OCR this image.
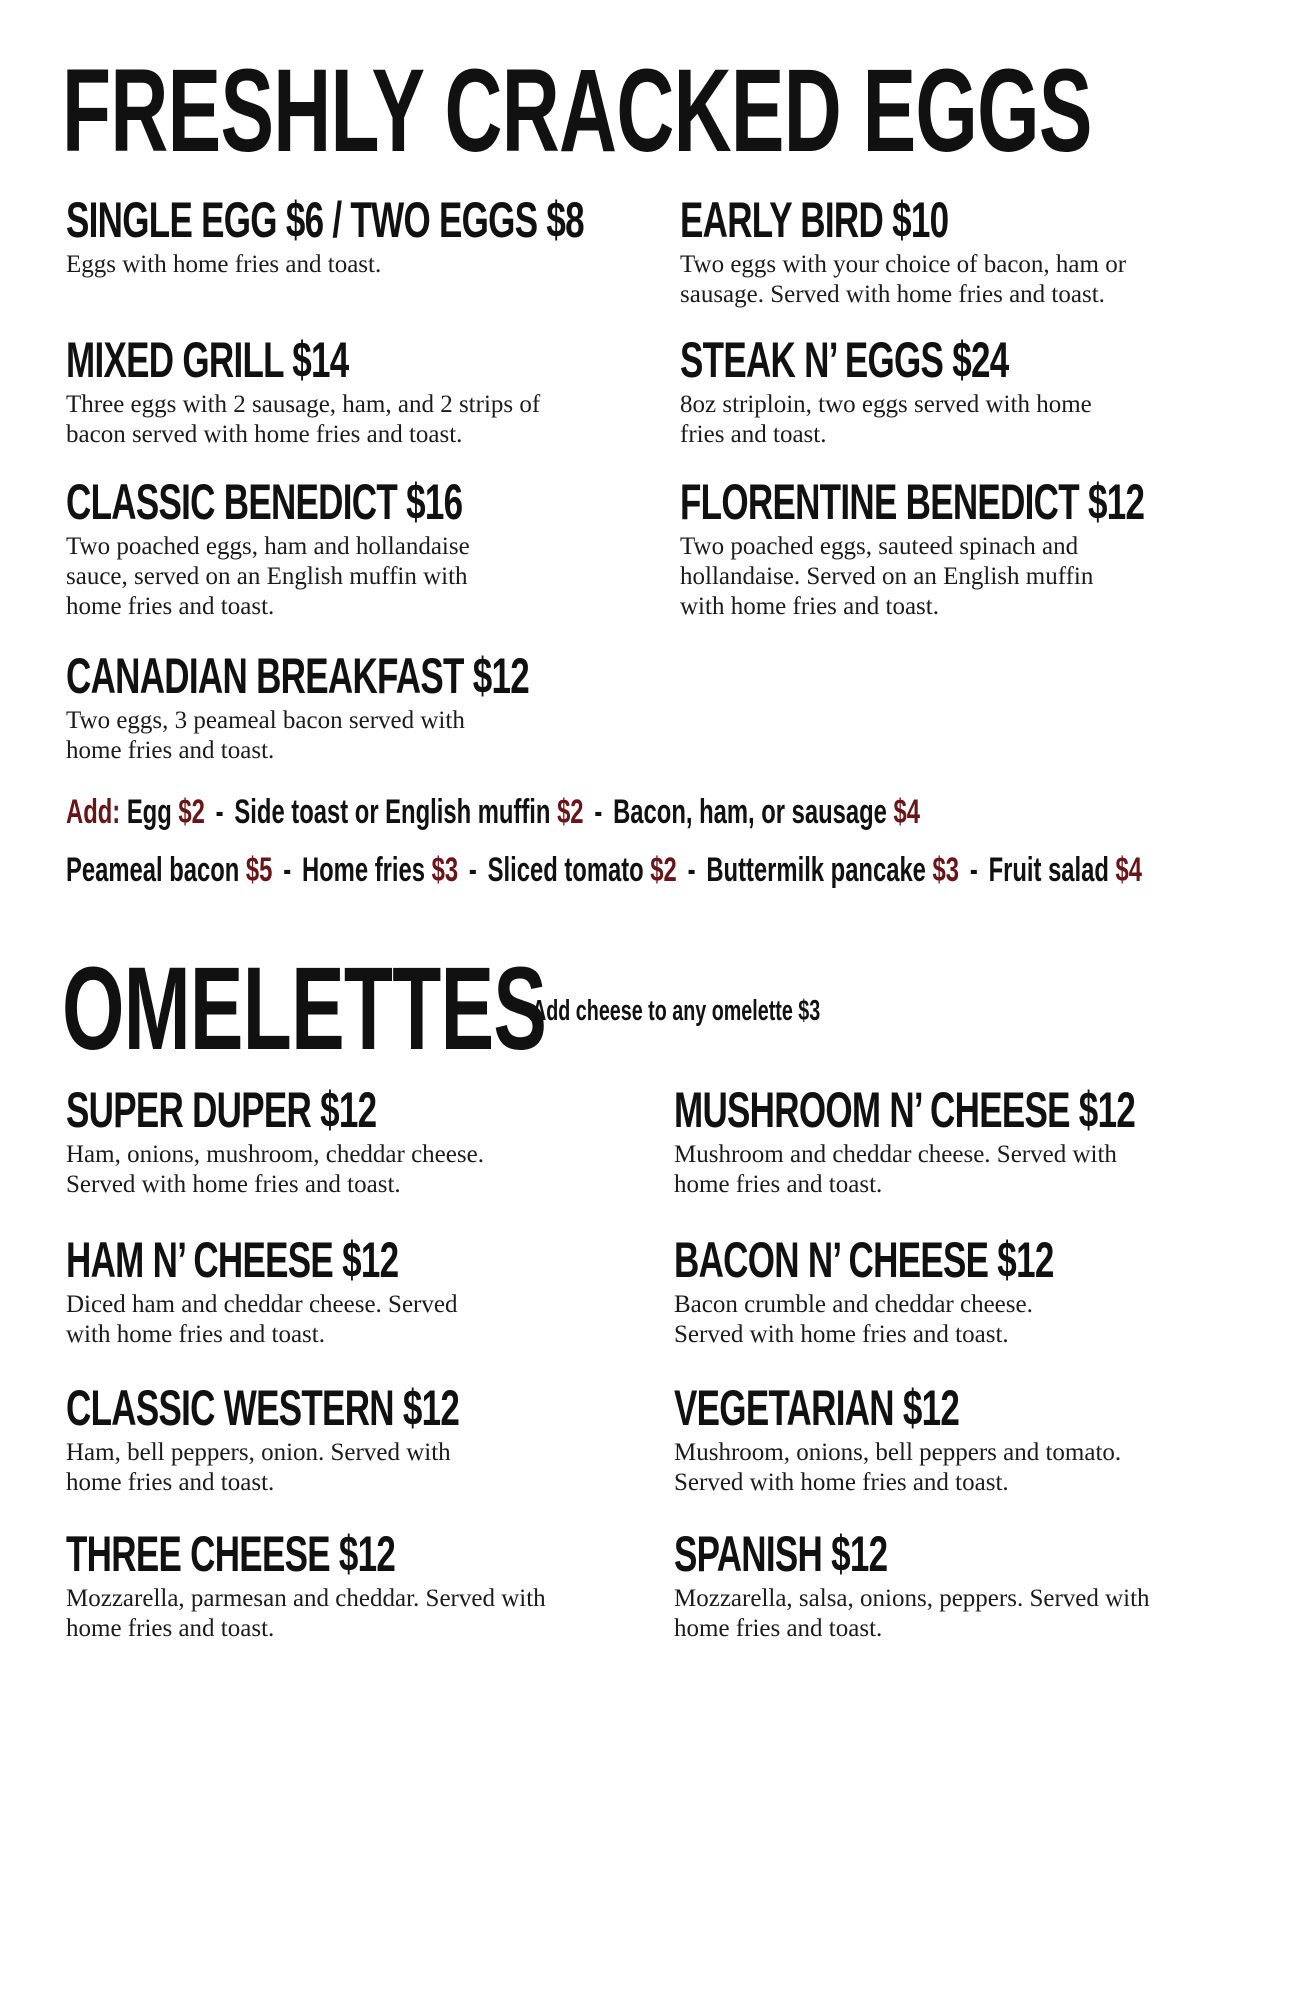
FRESHLY CRACKED EGGS
SINGLE EGG $6 / TWO EGGS $8

Eggs with home fries and toast.

EARLY BIRD $10

Two eggs with your choice of bacon, ham or sausage. Served with home fries and toast.

MIXED GRILL $14

Three eggs with 2 sausage, ham, and 2 strips of bacon served with home fries and toast.

STEAK N’ EGGS $24

8oz striploin, two eggs served with home fries and toast.

CLASSIC BENEDICT $16

Two poached eggs, ham and hollandaise sauce, served on an English muffin with home fries and toast.

FLORENTINE BENEDICT $12

Two poached eggs, sauteed spinach and hollandaise. Served on an English muffin with home fries and toast.

CANADIAN BREAKFAST $12

Two eggs, 3 peameal bacon served with home fries and toast.

Add: Egg $2 - Side toast or English muffin $2 - Bacon, ham, or sausage $4
Peameal bacon $5 - Home fries $3 - Sliced tomato $2 - Buttermilk pancake $3 - Fruit salad $4
OMELETTES
Add cheese to any omelette $3
SUPER DUPER $12

Ham, onions, mushroom, cheddar cheese. Served with home fries and toast.

MUSHROOM N’ CHEESE $12

Mushroom and cheddar cheese. Served with home fries and toast.

HAM N’ CHEESE $12

Diced ham and cheddar cheese. Served with home fries and toast.

BACON N’ CHEESE $12

Bacon crumble and cheddar cheese. Served with home fries and toast.

CLASSIC WESTERN $12

Ham, bell peppers, onion. Served with home fries and toast.

VEGETARIAN $12

Mushroom, onions, bell peppers and tomato. Served with home fries and toast.

THREE CHEESE $12

Mozzarella, parmesan and cheddar. Served with home fries and toast.

SPANISH $12

Mozzarella, salsa, onions, peppers. Served with home fries and toast.
